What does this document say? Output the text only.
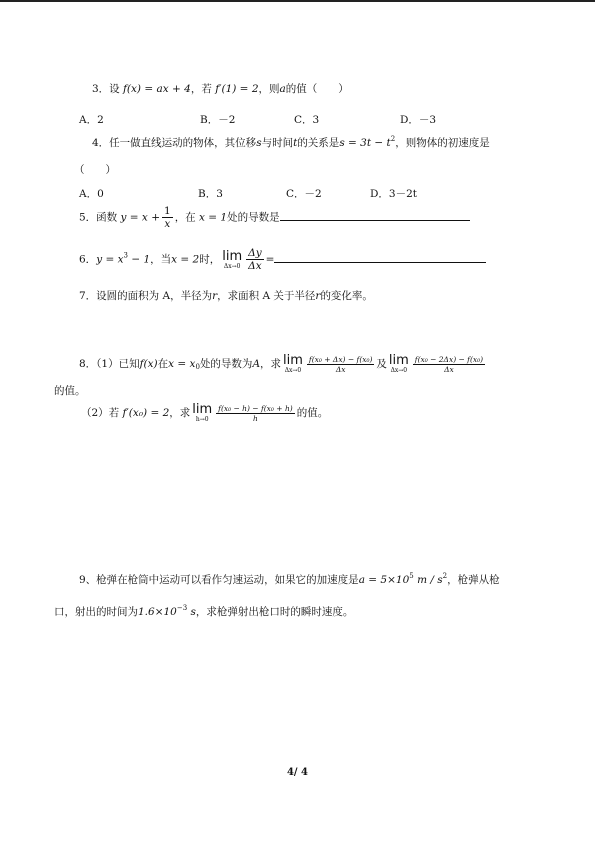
3．设 f(x) = ax + 4，若 f′(1) = 2，则a的值（　　）
A．2	B．－2	C．3	D．－3
4．任一做直线运动的物体，其位移s与时间t的关系是$s = 3t - t^2$，则物体的初速度是
（　　）
A．0	B．3	C．－2	D．3－2t
5．函数 $y = x + \frac{1}{x}$ ，在 x = 1处的导数是
6．$y = x^3 - 1$，当x = 2时， lim
$\Delta x\to 0 \frac{\Delta y}{\Delta x}$ =
7．设圆的面积为 A，半径为r，求面积 A 关于半径r的变化率。
8．（1）已知f(x)在$x = x_0$处的导数为A，求 lim
$\Delta x\to 0 \frac{\text{f(x₀ + Δx) − f(x₀)}}{\Delta x}$ 及 lim
$\Delta x\to 0 \frac{\text{f(x₀ − 2Δx) − f(x₀)}}{\Delta x}$
的值。
（2）若 f′(x₀) = 2，求 lim
h→0	$\frac{\text{f(x₀ − h) − f(x₀ + h)}}{h}$ 的值。
9、枪弹在枪筒中运动可以看作匀速运动，如果它的加速度是$a = 5\times 10^5$ m / $s^2$，枪弹从枪
口，射出的时间为$1.6\times 10^{-3}$ s，求枪弹射出枪口时的瞬时速度。
4/ 4
